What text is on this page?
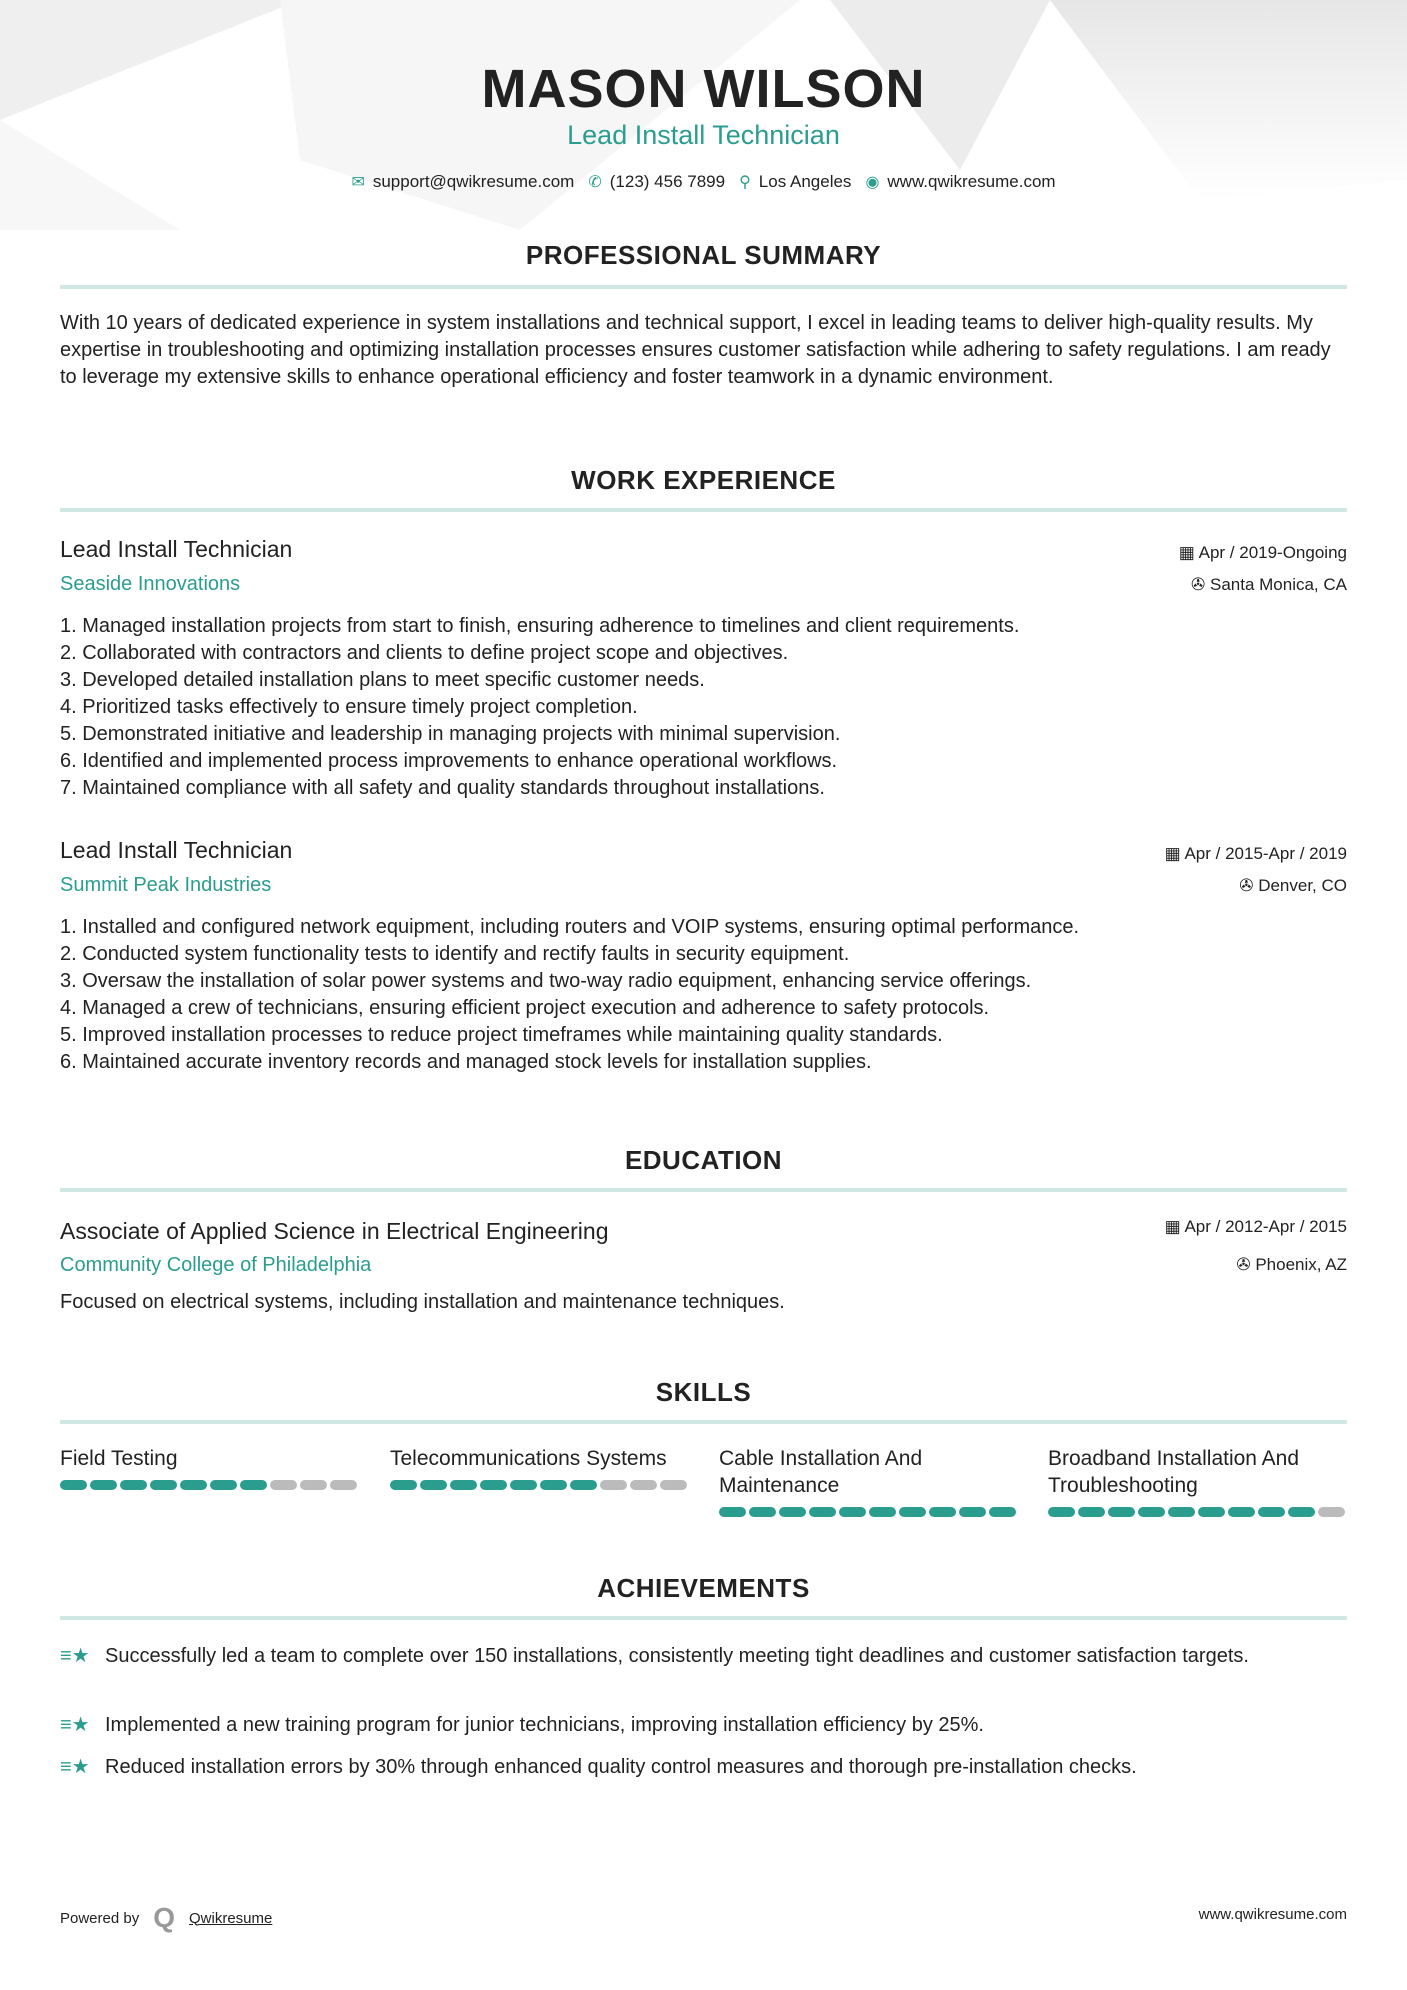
MASON WILSON
Lead Install Technician
✉ support@qwikresume.com ✆ (123) 456 7899 ⚲ Los Angeles ◉ www.qwikresume.com
PROFESSIONAL SUMMARY
With 10 years of dedicated experience in system installations and technical support, I excel in leading teams to deliver high-quality results. My expertise in troubleshooting and optimizing installation processes ensures customer satisfaction while adhering to safety regulations. I am ready to leverage my extensive skills to enhance operational efficiency and foster teamwork in a dynamic environment.
WORK EXPERIENCE
Lead Install Technician
Seaside Innovations
▦ Apr / 2019-Ongoing
✇ Santa Monica, CA
1. Managed installation projects from start to finish, ensuring adherence to timelines and client requirements.
2. Collaborated with contractors and clients to define project scope and objectives.
3. Developed detailed installation plans to meet specific customer needs.
4. Prioritized tasks effectively to ensure timely project completion.
5. Demonstrated initiative and leadership in managing projects with minimal supervision.
6. Identified and implemented process improvements to enhance operational workflows.
7. Maintained compliance with all safety and quality standards throughout installations.
Lead Install Technician
Summit Peak Industries
▦ Apr / 2015-Apr / 2019
✇ Denver, CO
1. Installed and configured network equipment, including routers and VOIP systems, ensuring optimal performance.
2. Conducted system functionality tests to identify and rectify faults in security equipment.
3. Oversaw the installation of solar power systems and two-way radio equipment, enhancing service offerings.
4. Managed a crew of technicians, ensuring efficient project execution and adherence to safety protocols.
5. Improved installation processes to reduce project timeframes while maintaining quality standards.
6. Maintained accurate inventory records and managed stock levels for installation supplies.
EDUCATION
Associate of Applied Science in Electrical Engineering
Community College of Philadelphia
▦ Apr / 2012-Apr / 2015
✇ Phoenix, AZ
Focused on electrical systems, including installation and maintenance techniques.
SKILLS
Field Testing	Telecommunications Systems	Cable Installation And Maintenance
Broadband Installation And Troubleshooting
ACHIEVEMENTS
≡★ Successfully led a team to complete over 150 installations, consistently meeting tight deadlines and customer satisfaction targets.
≡★ Implemented a new training program for junior technicians, improving installation efficiency by 25%.
≡★ Reduced installation errors by 30% through enhanced quality control measures and thorough pre-installation checks.
Powered by Q Qwikresume	www.qwikresume.com
